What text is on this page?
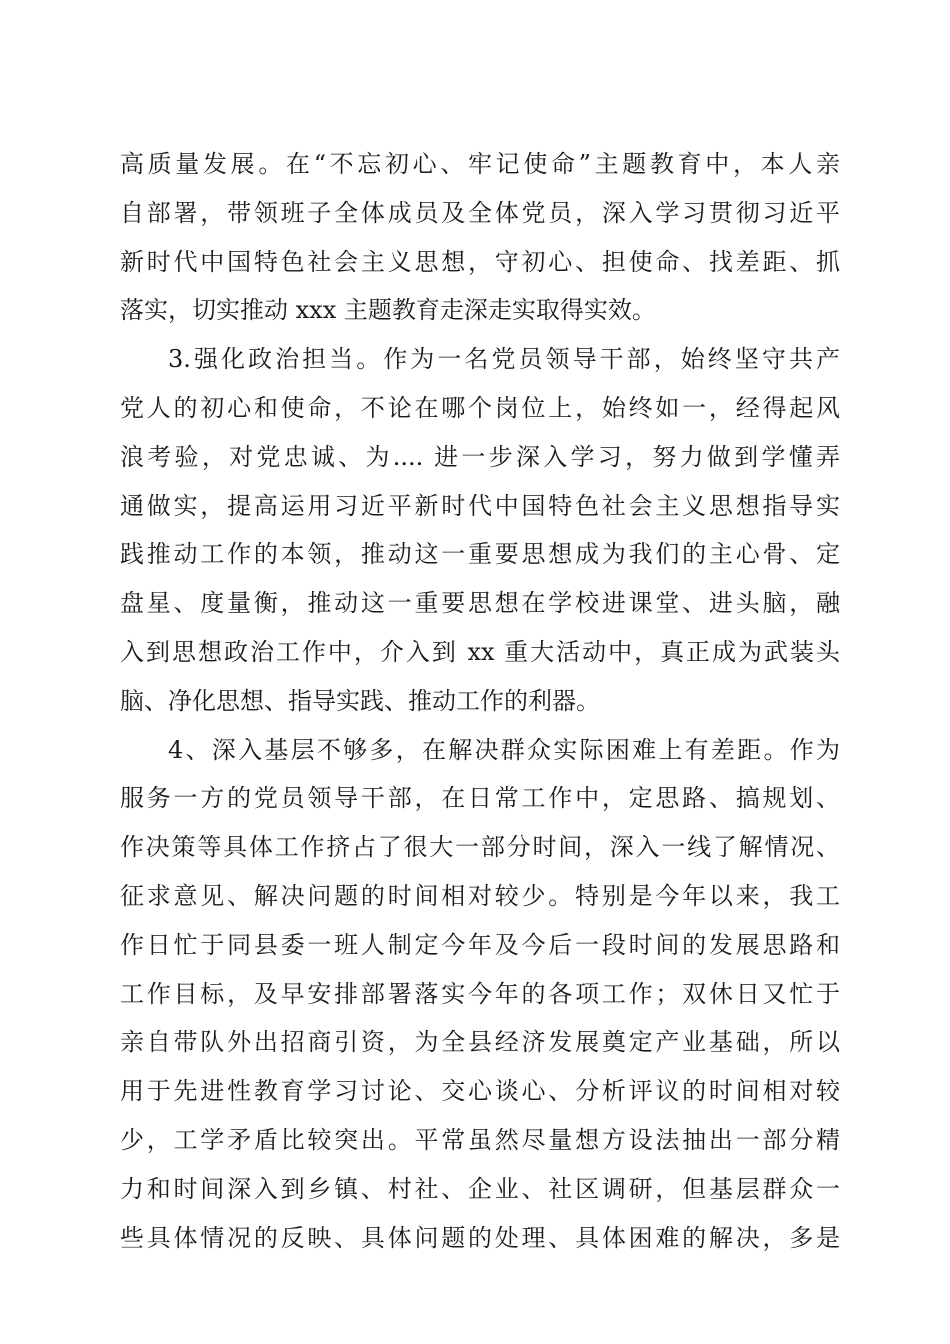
高质量发展。在“不忘初心、牢记使命”主题教育中，本人亲
自部署，带领班子全体成员及全体党员，深入学习贯彻习近平
新时代中国特色社会主义思想，守初心、担使命、找差距、抓
落实，切实推动 xxx 主题教育走深走实取得实效。
3.强化政治担当。作为一名党员领导干部，始终坚守共产
党人的初心和使命，不论在哪个岗位上，始终如一，经得起风
浪考验，对党忠诚、为.... 进一步深入学习，努力做到学懂弄
通做实，提高运用习近平新时代中国特色社会主义思想指导实
践推动工作的本领，推动这一重要思想成为我们的主心骨、定
盘星、度量衡，推动这一重要思想在学校进课堂、进头脑，融
入到思想政治工作中，介入到 xx 重大活动中，真正成为武装头
脑、净化思想、指导实践、推动工作的利器。
4、深入基层不够多，在解决群众实际困难上有差距。作为
服务一方的党员领导干部，在日常工作中，定思路、搞规划、
作决策等具体工作挤占了很大一部分时间，深入一线了解情况、
征求意见、解决问题的时间相对较少。特别是今年以来，我工
作日忙于同县委一班人制定今年及今后一段时间的发展思路和
工作目标，及早安排部署落实今年的各项工作；双休日又忙于
亲自带队外出招商引资，为全县经济发展奠定产业基础，所以
用于先进性教育学习讨论、交心谈心、分析评议的时间相对较
少，工学矛盾比较突出。平常虽然尽量想方设法抽出一部分精
力和时间深入到乡镇、村社、企业、社区调研，但基层群众一
些具体情况的反映、具体问题的处理、具体困难的解决，多是
